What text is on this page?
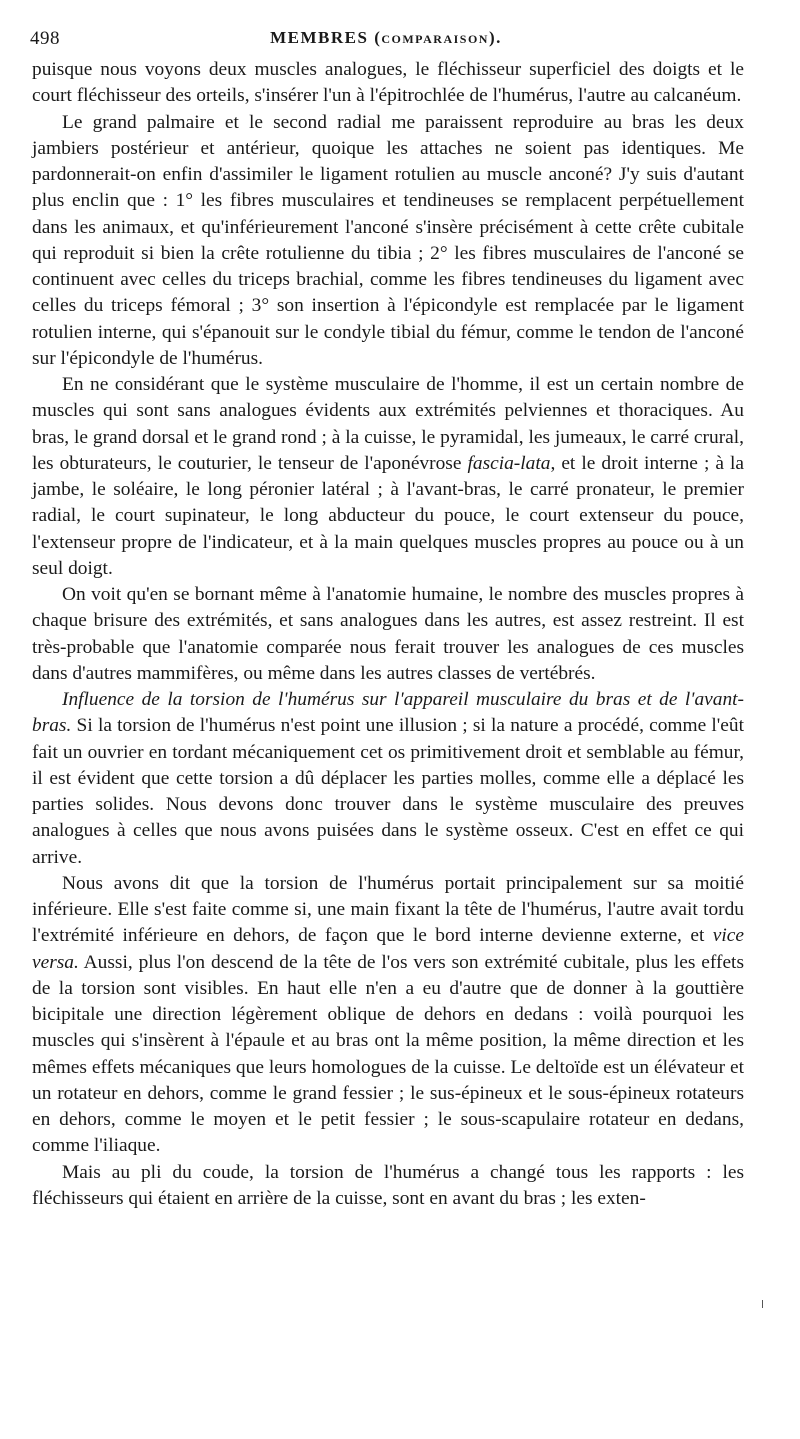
498	MEMBRES (COMPARAISON).

puisque nous voyons deux muscles analogues, le fléchisseur superficiel des doigts et le court fléchisseur des orteils, s'insérer l'un à l'épitrochlée de l'humérus, l'autre au calcanéum.

Le grand palmaire et le second radial me paraissent reproduire au bras les deux jambiers postérieur et antérieur, quoique les attaches ne soient pas identiques. Me pardonnerait-on enfin d'assimiler le ligament rotulien au muscle anconé? J'y suis d'autant plus enclin que : 1° les fibres musculaires et tendineuses se remplacent perpétuellement dans les animaux, et qu'inférieurement l'anconé s'insère précisément à cette crête cubitale qui reproduit si bien la crête rotulienne du tibia ; 2° les fibres musculaires de l'anconé se continuent avec celles du triceps brachial, comme les fibres tendineuses du ligament avec celles du triceps fémoral ; 3° son insertion à l'épicondyle est remplacée par le ligament rotulien interne, qui s'épanouit sur le condyle tibial du fémur, comme le tendon de l'anconé sur l'épicondyle de l'humérus.

En ne considérant que le système musculaire de l'homme, il est un certain nombre de muscles qui sont sans analogues évidents aux extrémités pelviennes et thoraciques. Au bras, le grand dorsal et le grand rond ; à la cuisse, le pyramidal, les jumeaux, le carré crural, les obturateurs, le couturier, le tenseur de l'aponévrose fascia-lata, et le droit interne ; à la jambe, le soléaire, le long péronier latéral ; à l'avant-bras, le carré pronateur, le premier radial, le court supinateur, le long abducteur du pouce, le court extenseur du pouce, l'extenseur propre de l'indicateur, et à la main quelques muscles propres au pouce ou à un seul doigt.

On voit qu'en se bornant même à l'anatomie humaine, le nombre des muscles propres à chaque brisure des extrémités, et sans analogues dans les autres, est assez restreint. Il est très-probable que l'anatomie comparée nous ferait trouver les analogues de ces muscles dans d'autres mammifères, ou même dans les autres classes de vertébrés.

Influence de la torsion de l'humérus sur l'appareil musculaire du bras et de l'avant-bras. Si la torsion de l'humérus n'est point une illusion ; si la nature a procédé, comme l'eût fait un ouvrier en tordant mécaniquement cet os primitivement droit et semblable au fémur, il est évident que cette torsion a dû déplacer les parties molles, comme elle a déplacé les parties solides. Nous devons donc trouver dans le système musculaire des preuves analogues à celles que nous avons puisées dans le système osseux. C'est en effet ce qui arrive.

Nous avons dit que la torsion de l'humérus portait principalement sur sa moitié inférieure. Elle s'est faite comme si, une main fixant la tête de l'humérus, l'autre avait tordu l'extrémité inférieure en dehors, de façon que le bord interne devienne externe, et vice versa. Aussi, plus l'on descend de la tête de l'os vers son extrémité cubitale, plus les effets de la torsion sont visibles. En haut elle n'en a eu d'autre que de donner à la gouttière bicipitale une direction légèrement oblique de dehors en dedans : voilà pourquoi les muscles qui s'insèrent à l'épaule et au bras ont la même position, la même direction et les mêmes effets mécaniques que leurs homologues de la cuisse. Le deltoïde est un élévateur et un rotateur en dehors, comme le grand fessier ; le sus-épineux et le sous-épineux rotateurs en dehors, comme le moyen et le petit fessier ; le sous-scapulaire rotateur en dedans, comme l'iliaque.

Mais au pli du coude, la torsion de l'humérus a changé tous les rapports : les fléchisseurs qui étaient en arrière de la cuisse, sont en avant du bras ; les exten-
